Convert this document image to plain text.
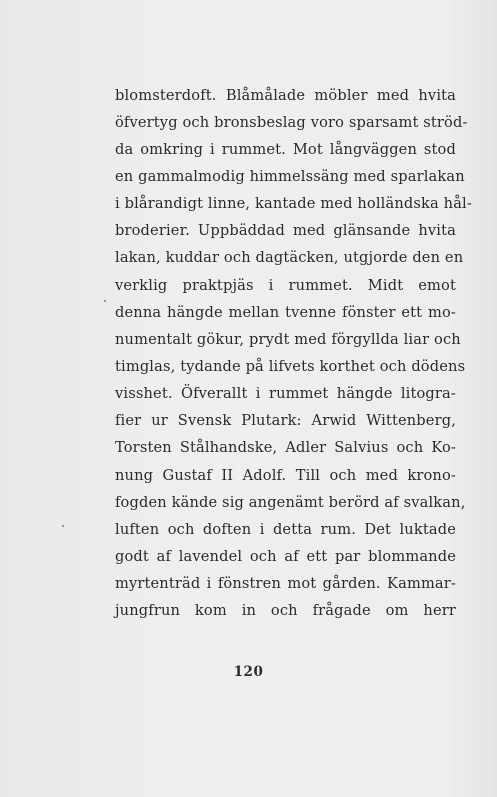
blomsterdoft. Blåmålade möbler med hvita
öfvertyg och bronsbeslag voro sparsamt ströd-
da omkring i rummet. Mot långväggen stod
en gammalmodig himmelssäng med sparlakan
i blårandigt linne, kantade med holländska hål-
broderier. Uppbäddad med glänsande hvita
lakan, kuddar och dagtäcken, utgjorde den en
verklig praktpjäs i rummet. Midt emot
denna hängde mellan tvenne fönster ett mo-
numentalt gökur, prydt med förgyllda liar och
timglas, tydande på lifvets korthet och dödens
visshet. Öfverallt i rummet hängde litogra-
fier ur Svensk Plutark: Arwid Wittenberg,
Torsten Stålhandske, Adler Salvius och Ko-
nung Gustaf II Adolf. Till och med krono-
fogden kände sig angenämt berörd af svalkan,
luften och doften i detta rum. Det luktade
godt af lavendel och af ett par blommande
myrtenträd i fönstren mot gården. Kammar-
jungfrun kom in och frågade om herr
120
